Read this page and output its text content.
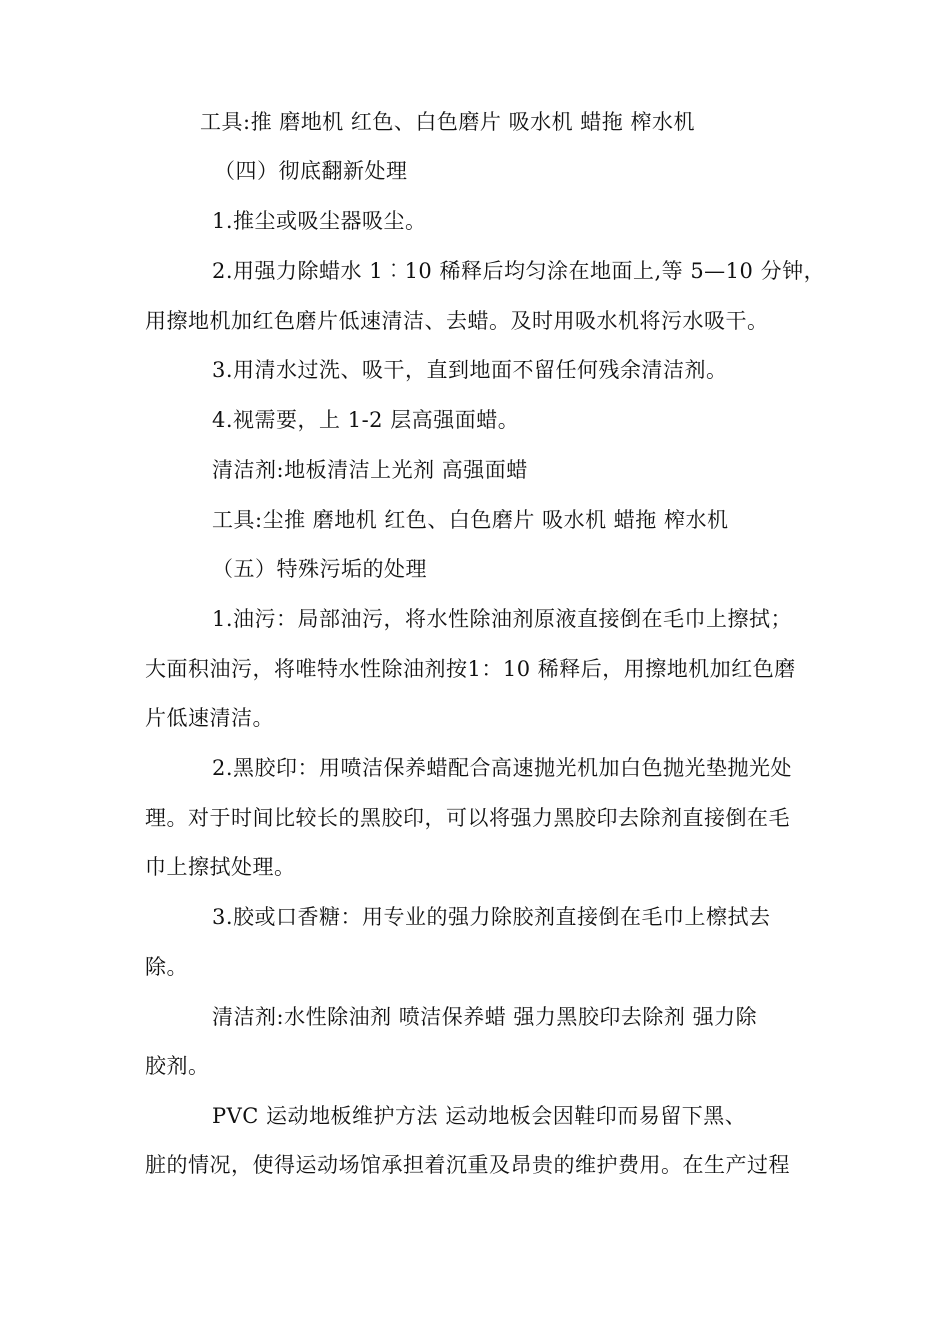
工具:推 磨地机 红色、白色磨片 吸水机 蜡拖 榨水机
（四）彻底翻新处理
1.推尘或吸尘器吸尘。
2.用强力除蜡水 1︰10 稀释后均匀涂在地面上,等 5—10 分钟，
用擦地机加红色磨片低速清洁、去蜡。及时用吸水机将污水吸干。
3.用清水过洗、吸干，直到地面不留任何残余清洁剂。
4.视需要，上 1-2 层高强面蜡。
清洁剂:地板清洁上光剂 高强面蜡
工具:尘推 磨地机 红色、白色磨片 吸水机 蜡拖 榨水机
（五）特殊污垢的处理
1.油污：局部油污，将水性除油剂原液直接倒在毛巾上擦拭；
大面积油污，将唯特水性除油剂按1：10 稀释后，用擦地机加红色磨
片低速清洁。
2.黑胶印：用喷洁保养蜡配合高速抛光机加白色抛光垫抛光处
理。对于时间比较长的黑胶印，可以将强力黑胶印去除剂直接倒在毛
巾上擦拭处理。
3.胶或口香糖：用专业的强力除胶剂直接倒在毛巾上檫拭去
除。
清洁剂:水性除油剂 喷洁保养蜡 强力黑胶印去除剂 强力除
胶剂。
PVC 运动地板维护方法 运动地板会因鞋印而易留下黑、
脏的情况，使得运动场馆承担着沉重及昂贵的维护费用。在生产过程
